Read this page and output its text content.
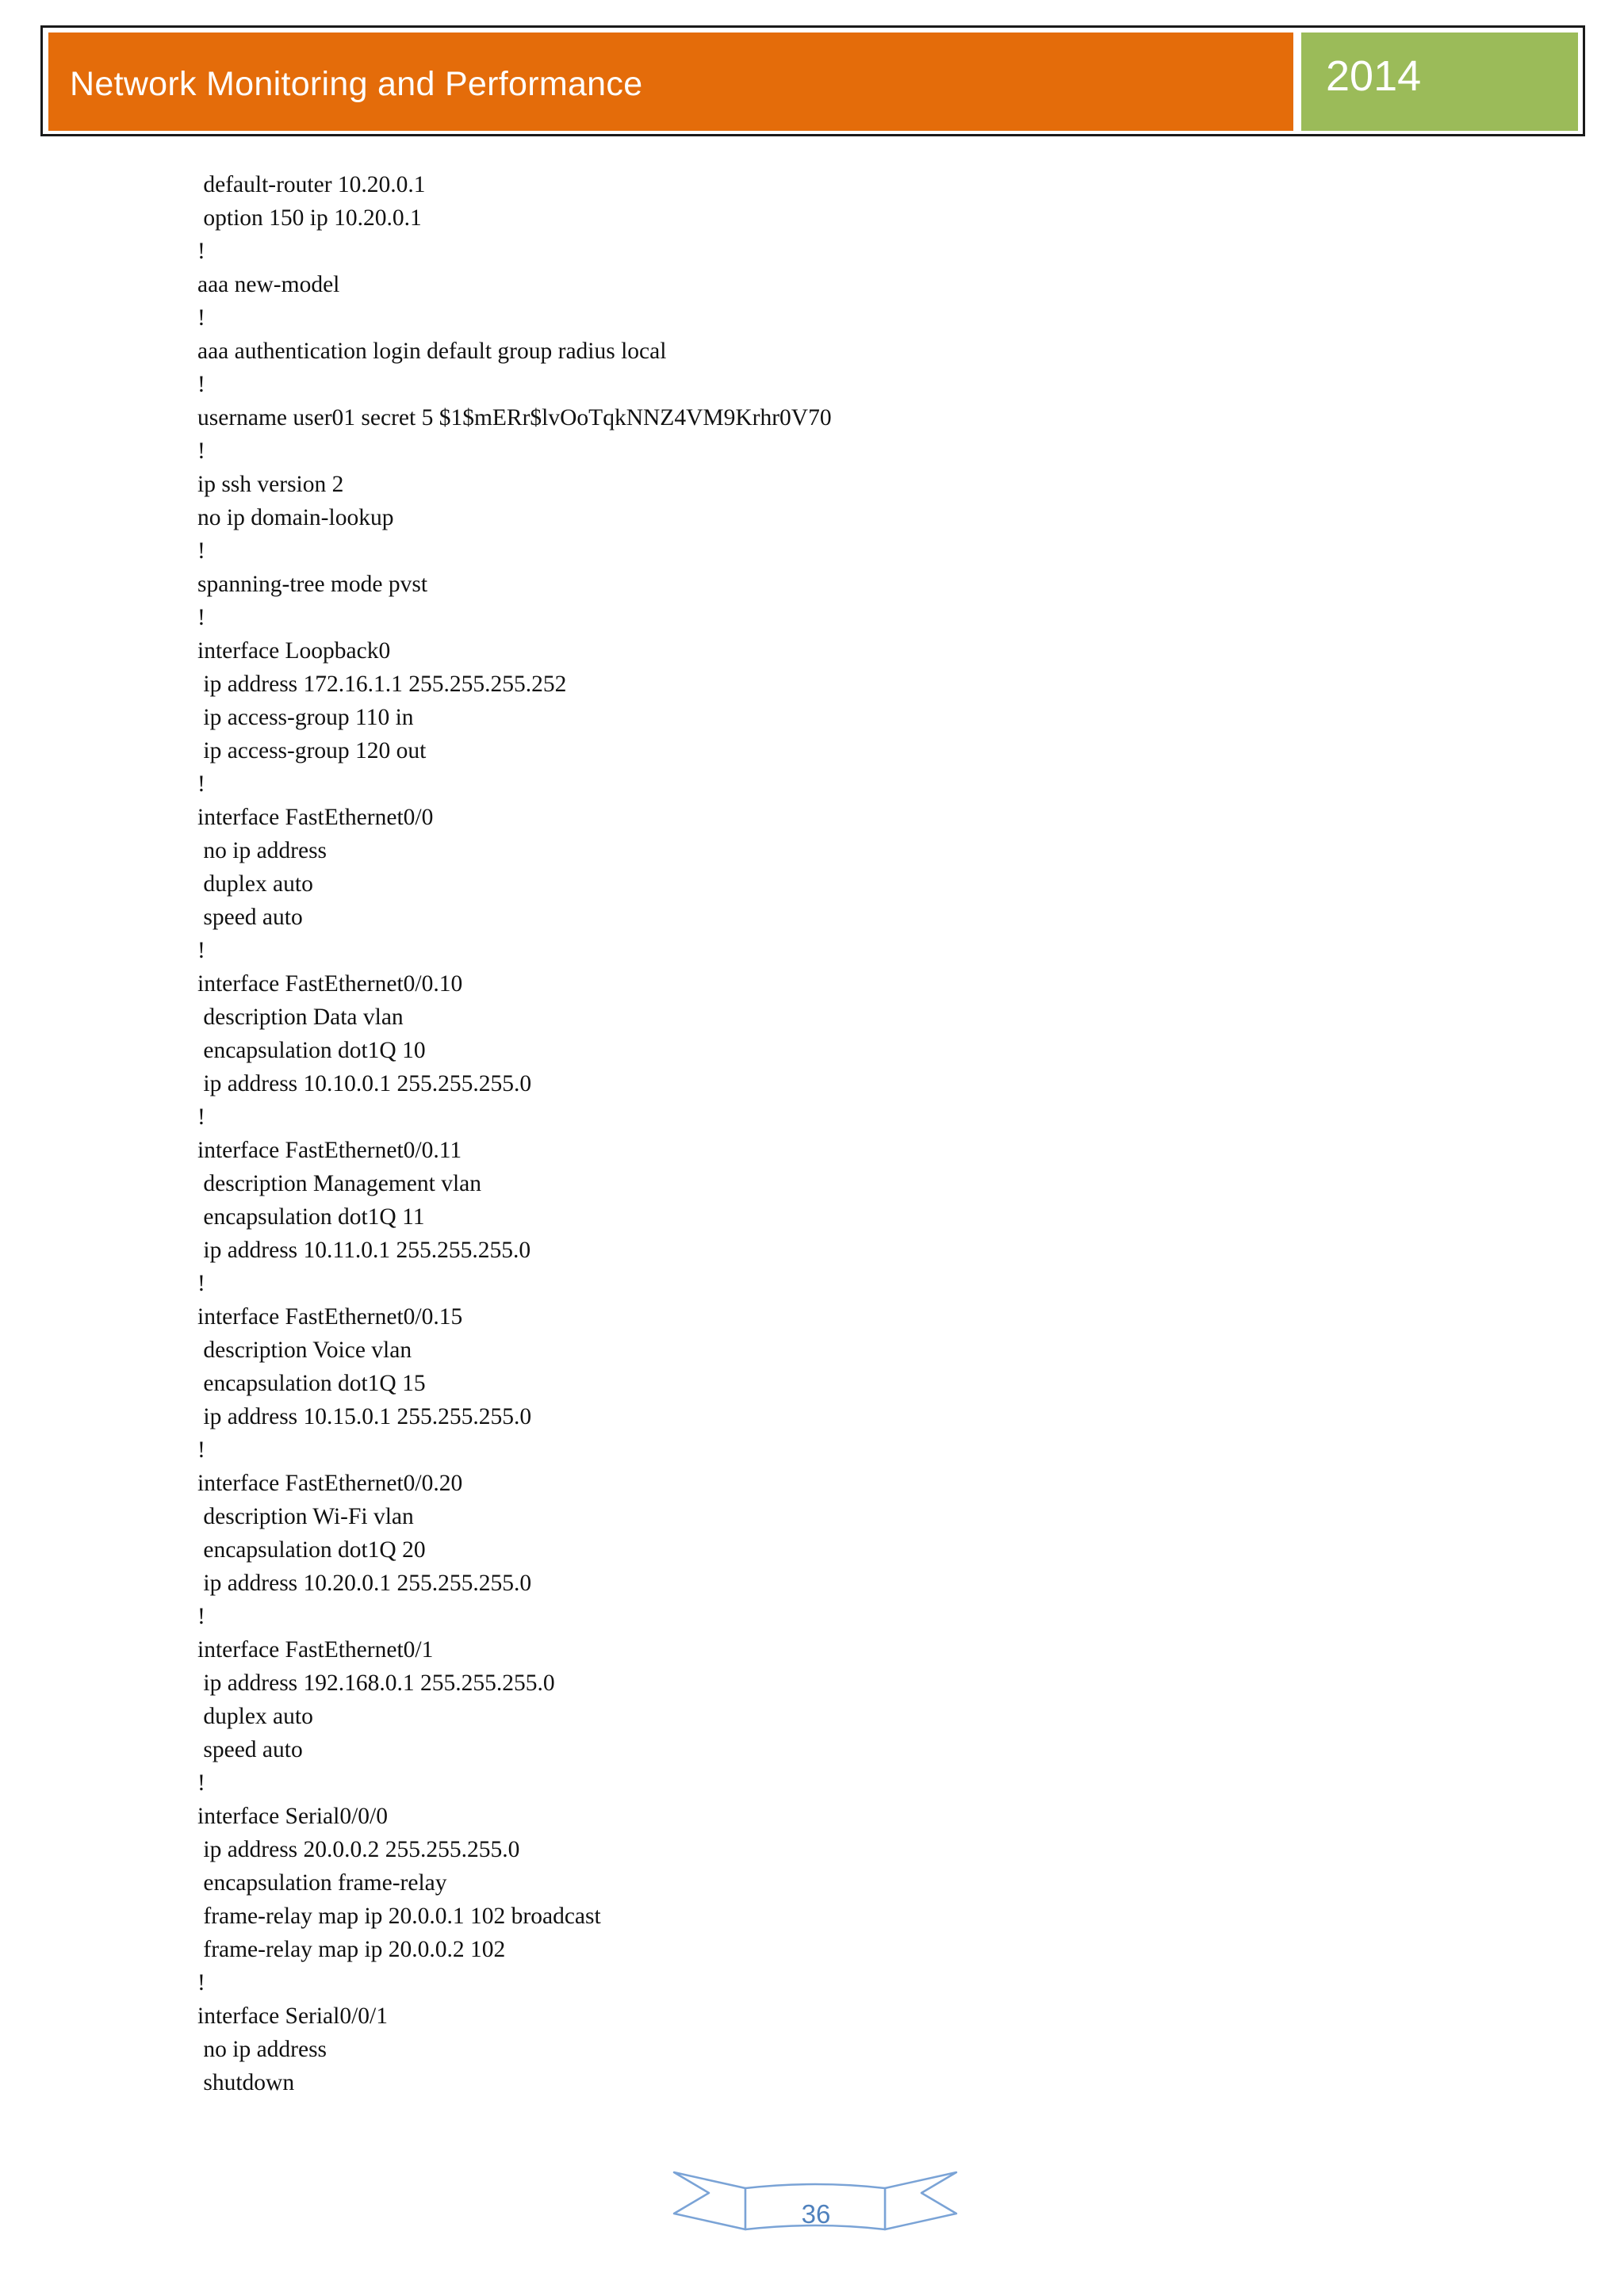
Network Monitoring and Performance	2014
default-router 10.20.0.1
option 150 ip 10.20.0.1
!
aaa new-model
!
aaa authentication login default group radius local
!
username user01 secret 5 $1$mERr$lvOoTqkNNZ4VM9Krhr0V70
!
ip ssh version 2
no ip domain-lookup
!
spanning-tree mode pvst
!
interface Loopback0
ip address 172.16.1.1 255.255.255.252
ip access-group 110 in
ip access-group 120 out
!
interface FastEthernet0/0
no ip address
duplex auto
speed auto
!
interface FastEthernet0/0.10
description Data vlan
encapsulation dot1Q 10
ip address 10.10.0.1 255.255.255.0
!
interface FastEthernet0/0.11
description Management vlan
encapsulation dot1Q 11
ip address 10.11.0.1 255.255.255.0
!
interface FastEthernet0/0.15
description Voice vlan
encapsulation dot1Q 15
ip address 10.15.0.1 255.255.255.0
!
interface FastEthernet0/0.20
description Wi-Fi vlan
encapsulation dot1Q 20
ip address 10.20.0.1 255.255.255.0
!
interface FastEthernet0/1
ip address 192.168.0.1 255.255.255.0
duplex auto
speed auto
!
interface Serial0/0/0
ip address 20.0.0.2 255.255.255.0
encapsulation frame-relay
frame-relay map ip 20.0.0.1 102 broadcast
frame-relay map ip 20.0.0.2 102
!
interface Serial0/0/1
no ip address
shutdown
36
